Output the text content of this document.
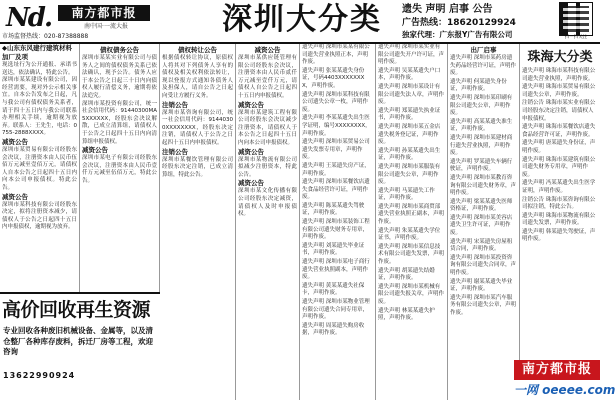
Nd.	南方都市报
南中国·一流大报
市场监督热线：020-87388888	深圳大分类	遗失 声明 启事 公告
广告热线：18620129924
独家代理：广东报Y广告有限公司	扫一扫关注
◆山东东风建行建筑材料加厂及项
现选址行为公开通报、承诺书送达，依法确认，特此公告。
深圳市某某建设有限公司，因经营需要，现对外公示相关事宜。自本公告发布之日起，凡与我公司有债权债务关系者，请于四十五日内与我公司联系办理相关手续，逾期视为放弃。联系人：王先生，电话：0755-2888XXXX。
减资公告
深圳市某贸易有限公司经股东会决议，注册资本由人民币伍佰万元减至壹佰万元，请债权人自本公告之日起四十五日内向本公司申报债权。特此公告。
减资公告
深圳市某科技有限公司经股东决定，拟将注册资本减少，请债权人于公告之日起四十五日内申报债权，逾期视为放弃。
债权债务公告
深圳市某某实业有限公司与债务人之间的债权债务关系已依法确认，现予公告。债务人应于本公告之日起三十日内向债权人履行清偿义务，逾期将依法追究。
深圳市某投资有限公司，统一社会信用代码：91440300MA5XXXXXX，经股东会决议解散，已成立清算组，请债权人于公告之日起四十五日内向清算组申报债权。
减资公告
深圳市某电子有限公司经股东会决议，注册资本由人民币壹仟万元减至伍佰万元，特此公告。
债权转让公告
根据债权转让协议，原债权人将其对下列债务人享有的债权及相关权利依法转让，现以登报方式通知各债务人及担保人，请自公告之日起向受让方履行义务。
注销公告
深圳市某咨询有限公司，统一社会信用代码：91440300XXXXXXXX，经股东决定注销，请债权人于公告之日起四十五日内申报债权。
注销公告
深圳市某餐饮管理有限公司经股东决定注销，已成立清算组，特此公告。
减资公告
深圳市某供应链管理有限公司经股东会决议，注册资本由人民币贰仟万元减至壹仟万元，请债权人自公告之日起四十五日内申报债权。
减资公告
深圳市某建筑工程有限公司经股东会决议减少注册资本，请债权人于本公告之日起四十五日内向本公司申报债权。
减资公告
深圳市某物流有限公司拟减少注册资本，特此公告。
减资公告
深圳市某文化传播有限公司经股东决定减资，请债权人及时申报债权。
遗失声明 深圳市某某有限公司遗失营业执照正本，声明作废。
遗失声明 张某某遗失身份证，号码4403XXXXXXXX，声明作废。
遗失声明 深圳市某科技有限公司遗失公章一枚，声明作废。
遗失声明 李某某遗失出生医学证明，编号XXXXXXXX，声明作废。
遗失声明 深圳市某贸易公司遗失发票专用章，声明作废。
遗失声明 王某遗失房产证，声明作废。
遗失声明 深圳市某餐饮店遗失食品经营许可证，声明作废。
遗失声明 陈某某遗失驾驶证，声明作废。
遗失声明 深圳市某装饰工程有限公司遗失财务专用章，声明作废。
遗失声明 刘某遗失毕业证书，声明作废。
遗失声明 深圳市某电子商行遗失营业执照副本，声明作废。
遗失声明 黄某某遗失社保卡，声明作废。
遗失声明 深圳市某物业管理有限公司遗失合同专用章，声明作废。
遗失声明 周某遗失购房收据，声明作废。
遗失声明 深圳市某实业有限公司遗失开户许可证，声明作废。
遗失声明 吴某某遗失户口本，声明作废。
遗失声明 深圳市某设计有限公司遗失法人章，声明作废。
遗失声明 郑某遗失执业证书，声明作废。
遗失声明 深圳市某五金店遗失税务登记证，声明作废。
遗失声明 孙某某遗失出生证，声明作废。
遗失声明 深圳市某服装有限公司遗失公章，声明作废。
遗失声明 马某遗失工作证，声明作废。
遗失声明 深圳市某商贸部遗失营业执照正副本，声明作废。
遗失声明 朱某某遗失学位证书，声明作废。
遗失声明 深圳市某信息技术有限公司遗失发票，声明作废。
遗失声明 胡某遗失结婚证，声明作废。
遗失声明 深圳市某机械有限公司遗失报关章，声明作废。
遗失声明 林某某遗失护照，声明作废。
出厂启事
遗失声明 深圳市某药房遗失药品经营许可证，声明作废。
遗失声明 何某遗失身份证，声明作废。
遗失声明 深圳市某印刷有限公司遗失公章，声明作废。
遗失声明 高某某遗失准生证，声明作废。
遗失声明 深圳市某建材商行遗失营业执照，声明作废。
遗失声明 罗某遗失车辆行驶证，声明作废。
遗失声明 深圳市某教育咨询有限公司遗失财务章，声明作废。
遗失声明 梁某某遗失医师资格证，声明作废。
遗失声明 深圳市某美容店遗失卫生许可证，声明作废。
遗失声明 宋某遗失房屋租赁合同，声明作废。
遗失声明 深圳市某投资咨询有限公司遗失合同章，声明作废。
遗失声明 谢某某遗失毕业证，声明作废。
遗失声明 深圳市某汽车服务有限公司遗失公章，声明作废。
遗失声明 珠海市某科技有限公司遗失营业执照，声明作废。
遗失声明 珠海市某贸易有限公司遗失公章，声明作废。
注销公告 珠海市某实业有限公司经股东决定注销，请债权人申报债权。
遗失声明 珠海市某餐饮店遗失食品经营许可证，声明作废。
遗失声明 唐某遗失身份证，声明作废。
遗失声明 珠海市某建筑有限公司遗失财务专用章，声明作废。
遗失声明 冯某某遗失出生医学证明，声明作废。
注销公告 珠海市某咨询有限公司拟注销，特此公告。
遗失声明 珠海市某物流有限公司遗失发票，声明作废。
遗失声明 韩某遗失驾驶证，声明作废。
珠海大分类
高价回收再生资源
专业回收各种废旧机械设备、金属等，以及清仓整厂各种库存废料，拆迁厂房等工程，欢迎咨询
13622990924	南方都市报
一网 oeeee.com
